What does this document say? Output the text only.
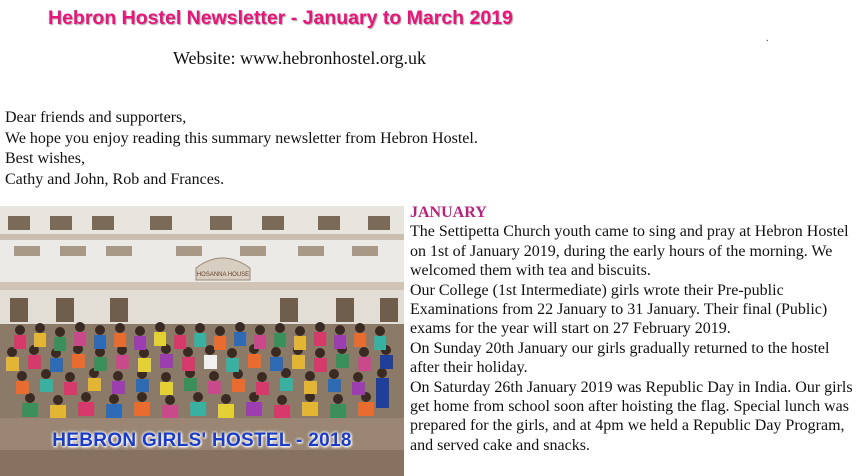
Hebron Hostel Newsletter - January to March 2019
Website: www.hebronhostel.org.uk
.
Dear friends and supporters,
We hope you enjoy reading this summary newsletter from Hebron Hostel.
Best wishes,
Cathy and John, Rob and Frances.
HOSANNA HOUSE
HEBRON GIRLS' HOSTEL - 2018
JANUARY

The Settipetta Church youth came to sing and pray at Hebron Hostel on 1st of January 2019, during the early hours of the morning. We welcomed them with tea and biscuits.

Our College (1st Intermediate) girls wrote their Pre-public Examinations from 22 January to 31 January. Their final (Public) exams for the year will start on 27 February 2019.

On Sunday 20th January our girls gradually returned to the hostel after their holiday.

On Saturday 26th January 2019 was Republic Day in India. Our girls get home from school soon after hoisting the flag. Special lunch was prepared for the girls, and at 4pm we held a Republic Day Program, and served cake and snacks.
